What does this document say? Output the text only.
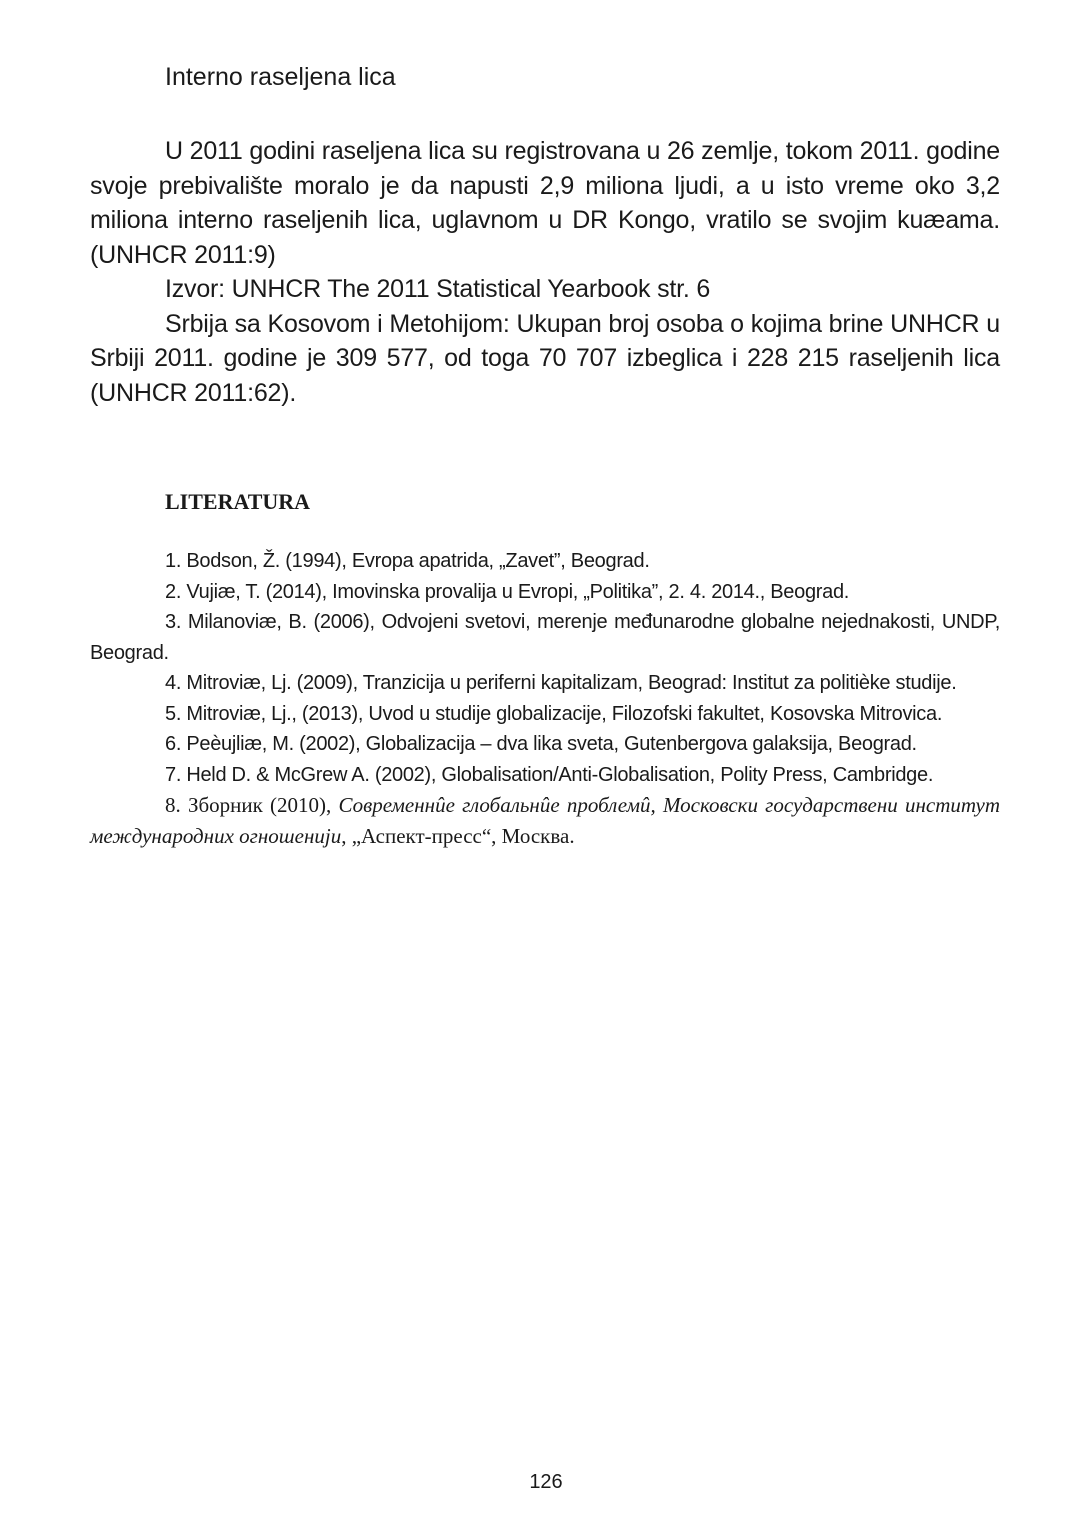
Interno raseljena lica

U 2011 godini raseljena lica su registrovana u 26 zemlje, tokom 2011. godine svoje prebivalište moralo je da napusti 2,9 miliona ljudi, a u isto vreme oko 3,2 miliona interno raseljenih lica, uglavnom u DR Kongo, vratilo se svojim kuæama. (UNHCR 2011:9)

Izvor: UNHCR The 2011 Statistical Yearbook str. 6

Srbija sa Kosovom i Metohijom: Ukupan broj osoba o kojima brine UNHCR u Srbiji 2011. godine je 309 577, od toga 70 707 izbeglica i 228 215 raseljenih lica (UNHCR 2011:62).

LITERATURA

1. Bodson, Ž. (1994), Evropa apatrida, „Zavet”, Beograd.

2. Vujiæ, T. (2014), Imovinska provalija u Evropi, „Politika”, 2. 4. 2014., Beograd.

3. Milanoviæ, B. (2006), Odvojeni svetovi, merenje međunarodne globalne nejednakosti, UNDP, Beograd.

4. Mitroviæ, Lj. (2009), Tranzicija u periferni kapitalizam, Beograd: Institut za politièke studije.

5. Mitroviæ, Lj., (2013), Uvod u studije globalizacije, Filozofski fakultet, Kosovska Mitrovica.

6. Peèujliæ, M. (2002), Globalizacija – dva lika sveta, Gutenbergova galaksija, Beograd.

7. Held D. & McGrew A. (2002), Globalisation/Anti-Globalisation, Polity Press, Cambridge.

8. Зборник (2010), Современнûе глобальнûе проблемû, Московски государствени институт международних огношенији, „Аспект-пресс“, Москва.

126
